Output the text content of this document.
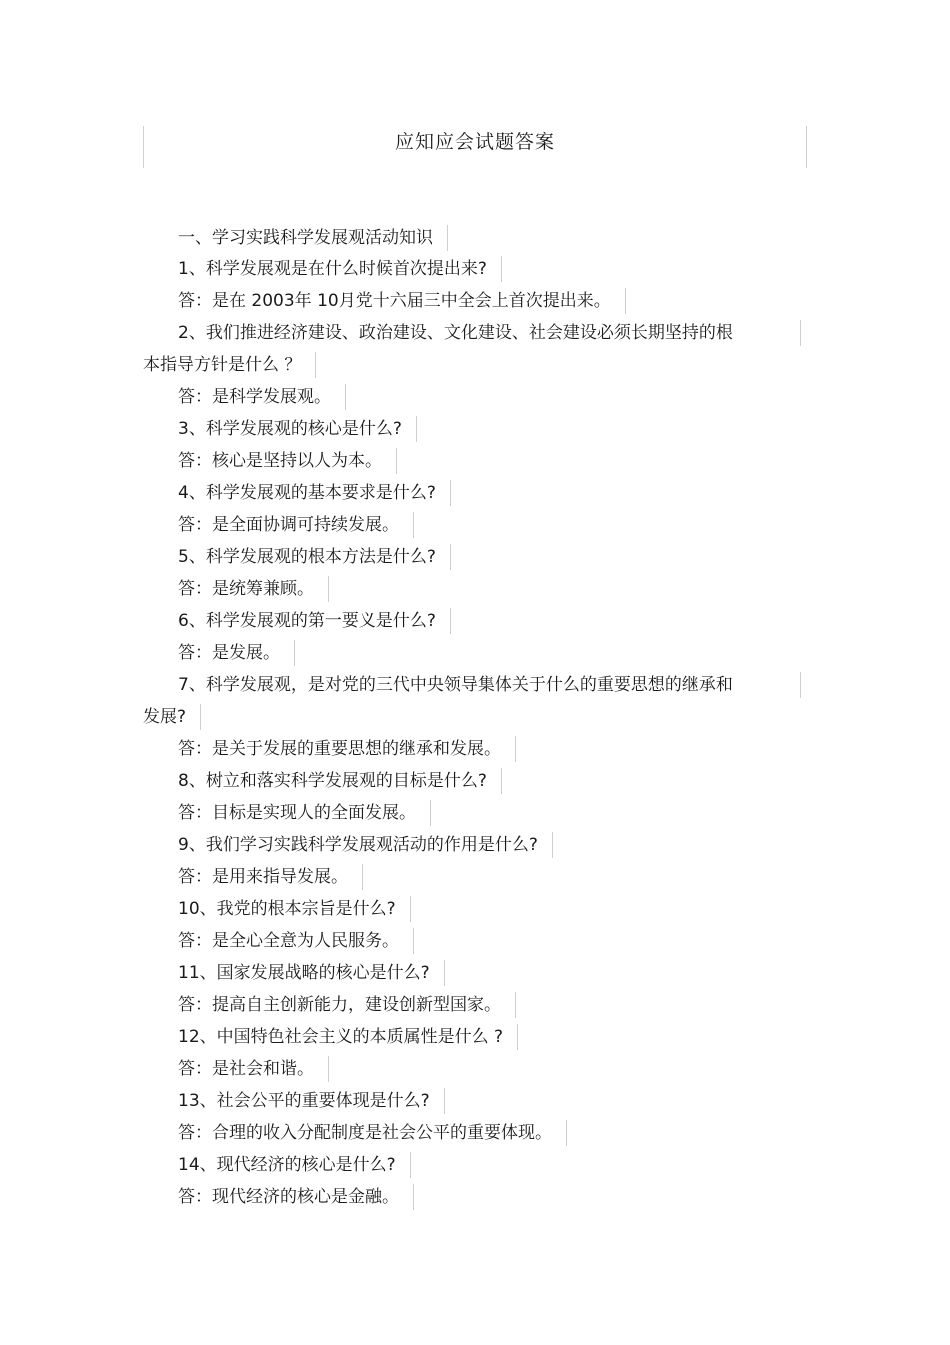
应知应会试题答案
一、学习实践科学发展观活动知识
1、科学发展观是在什么时候首次提出来?
答：是在 2003年 10月党十六届三中全会上首次提出来。
2、我们推进经济建设、政治建设、文化建设、社会建设必须长期坚持的根
本指导方针是什么 ？
答：是科学发展观。
3、科学发展观的核心是什么?
答：核心是坚持以人为本。
4、科学发展观的基本要求是什么?
答：是全面协调可持续发展。
5、科学发展观的根本方法是什么?
答：是统筹兼顾。
6、科学发展观的第一要义是什么?
答：是发展。
7、科学发展观，是对党的三代中央领导集体关于什么的重要思想的继承和
发展?
答：是关于发展的重要思想的继承和发展。
8、树立和落实科学发展观的目标是什么?
答：目标是实现人的全面发展。
9、我们学习实践科学发展观活动的作用是什么?
答：是用来指导发展。
10、我党的根本宗旨是什么?
答：是全心全意为人民服务。
11、国家发展战略的核心是什么?
答：提高自主创新能力，建设创新型国家。
12、中国特色社会主义的本质属性是什么 ?
答：是社会和谐。
13、社会公平的重要体现是什么?
答：合理的收入分配制度是社会公平的重要体现。
14、现代经济的核心是什么?
答：现代经济的核心是金融。
